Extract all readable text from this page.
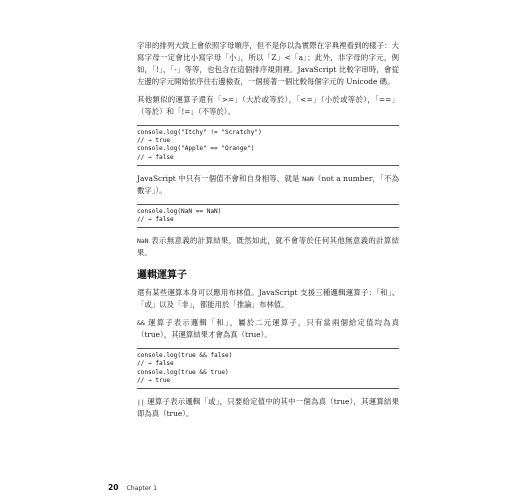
字串的排列大致上會依照字母順序，但不是你以為實際在字典裡看到的樣子：大寫字母一定會比小寫字母「小」，所以「Z」<「a」；此外，非字母的字元，例如，「!」、「-」等等，也包含在這個排序規則裡。JavaScript 比較字串時，會從左邊的字元開始依序往右邊檢查，一個接著一個比較每個字元的 Unicode 碼。

其他類似的運算子還有「>=」（大於或等於），「<=」（小於或等於），「==」（等於）和「!=」（不等於）。

console.log("Itchy" != "Scratchy")
// → true
console.log("Apple" == "Orange")
// → false

JavaScript 中只有一個值不會和自身相等，就是 NaN（not a number，「不為數字」）。

console.log(NaN == NaN)
// → false

NaN 表示無意義的計算結果，既然如此，就不會等於任何其他無意義的計算結果。

邏輯運算子

還有某些運算本身可以應用布林值。JavaScript 支援三種邏輯運算子：「和」、「或」以及「非」，都能用於「推論」布林值。

&& 運算子表示邏輯「和」，屬於二元運算子，只有當兩個給定值均為真（true），其運算結果才會為真（true）。

console.log(true && false)
// → false
console.log(true && true)
// → true

|| 運算子表示邏輯「或」，只要給定值中的其中一個為真（true），其運算結果即為真（true）。

20 Chapter 1
